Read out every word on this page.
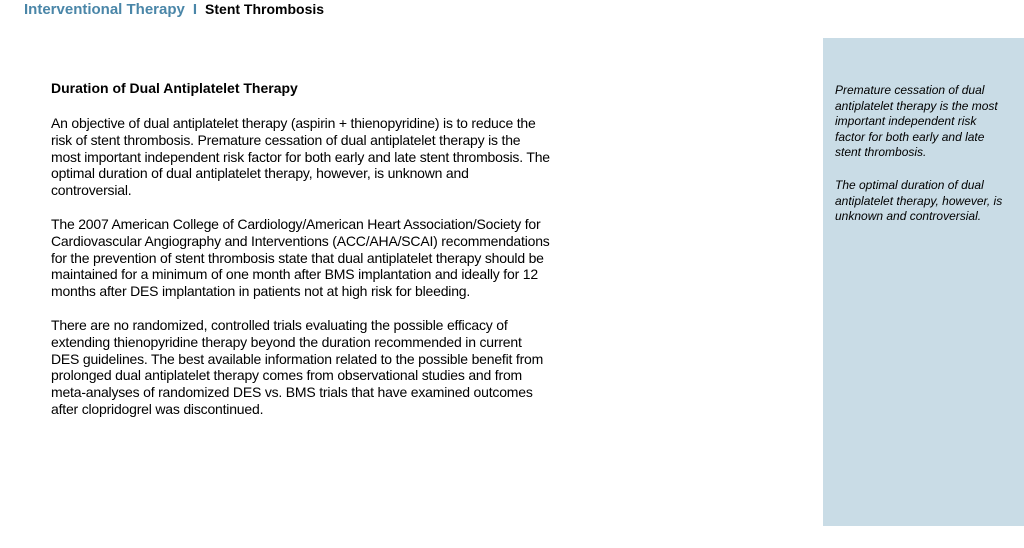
Interventional Therapy I Stent Thrombosis
Duration of Dual Antiplatelet Therapy

An objective of dual antiplatelet therapy (aspirin + thienopyridine) is to reduce the risk of stent thrombosis. Premature cessation of dual antiplatelet therapy is the most important independent risk factor for both early and late stent thrombosis. The optimal duration of dual antiplatelet therapy, however, is unknown and controversial.

The 2007 American College of Cardiology/American Heart Association/Society for Cardiovascular Angiography and Interventions (ACC/AHA/SCAI) recommendations for the prevention of stent thrombosis state that dual antiplatelet therapy should be maintained for a minimum of one month after BMS implantation and ideally for 12 months after DES implantation in patients not at high risk for bleeding.

There are no randomized, controlled trials evaluating the possible efficacy of extending thienopyridine therapy beyond the duration recommended in current DES guidelines. The best available information related to the possible benefit from prolonged dual antiplatelet therapy comes from observational studies and from meta-analyses of randomized DES vs. BMS trials that have examined outcomes after clopridogrel was discontinued.

Premature cessation of dual antiplatelet therapy is the most important independent risk factor for both early and late stent thrombosis.

The optimal duration of dual antiplatelet therapy, however, is unknown and controversial.
